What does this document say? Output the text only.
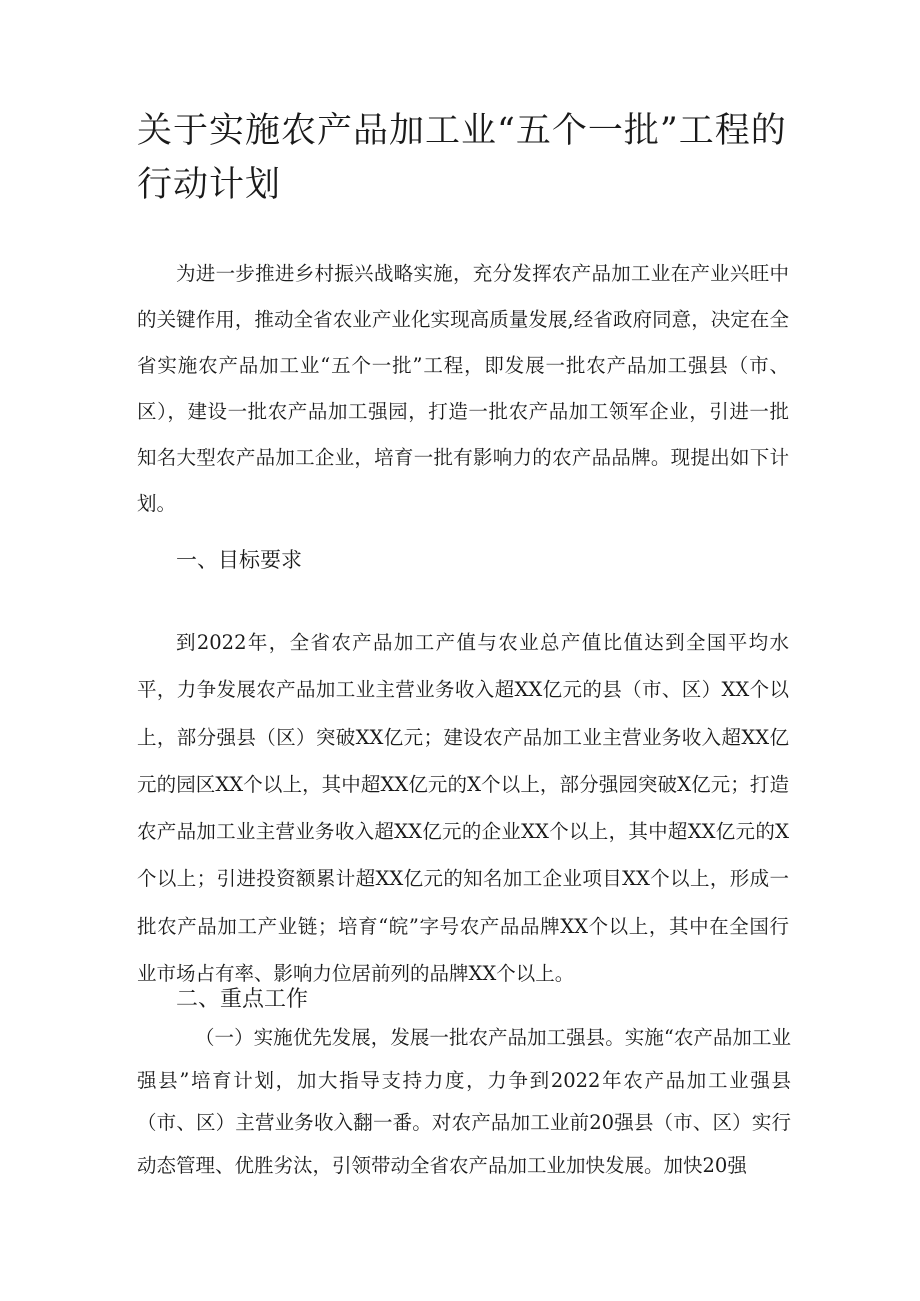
关于实施农产品加工业“五个一批”工程的行动计划

为进一步推进乡村振兴战略实施，充分发挥农产品加工业在产业兴旺中的关键作用，推动全省农业产业化实现高质量发展,经省政府同意，决定在全省实施农产品加工业“五个一批”工程，即发展一批农产品加工强县（市、区），建设一批农产品加工强园，打造一批农产品加工领军企业，引进一批知名大型农产品加工企业，培育一批有影响力的农产品品牌。现提出如下计划。

一、目标要求

到2022年，全省农产品加工产值与农业总产值比值达到全国平均水平，力争发展农产品加工业主营业务收入超XX亿元的县（市、区）XX个以上，部分强县（区）突破XX亿元；建设农产品加工业主营业务收入超XX亿元的园区XX个以上，其中超XX亿元的X个以上，部分强园突破X亿元；打造农产品加工业主营业务收入超XX亿元的企业XX个以上，其中超XX亿元的X个以上；引进投资额累计超XX亿元的知名加工企业项目XX个以上，形成一批农产品加工产业链；培育“皖”字号农产品品牌XX个以上，其中在全国行业市场占有率、影响力位居前列的品牌XX个以上。

二、重点工作

（一）实施优先发展，发展一批农产品加工强县。实施“农产品加工业强县”培育计划，加大指导支持力度，力争到2022年农产品加工业强县（市、区）主营业务收入翻一番。对农产品加工业前20强县（市、区）实行动态管理、优胜劣汰，引领带动全省农产品加工业加快发展。加快20强
